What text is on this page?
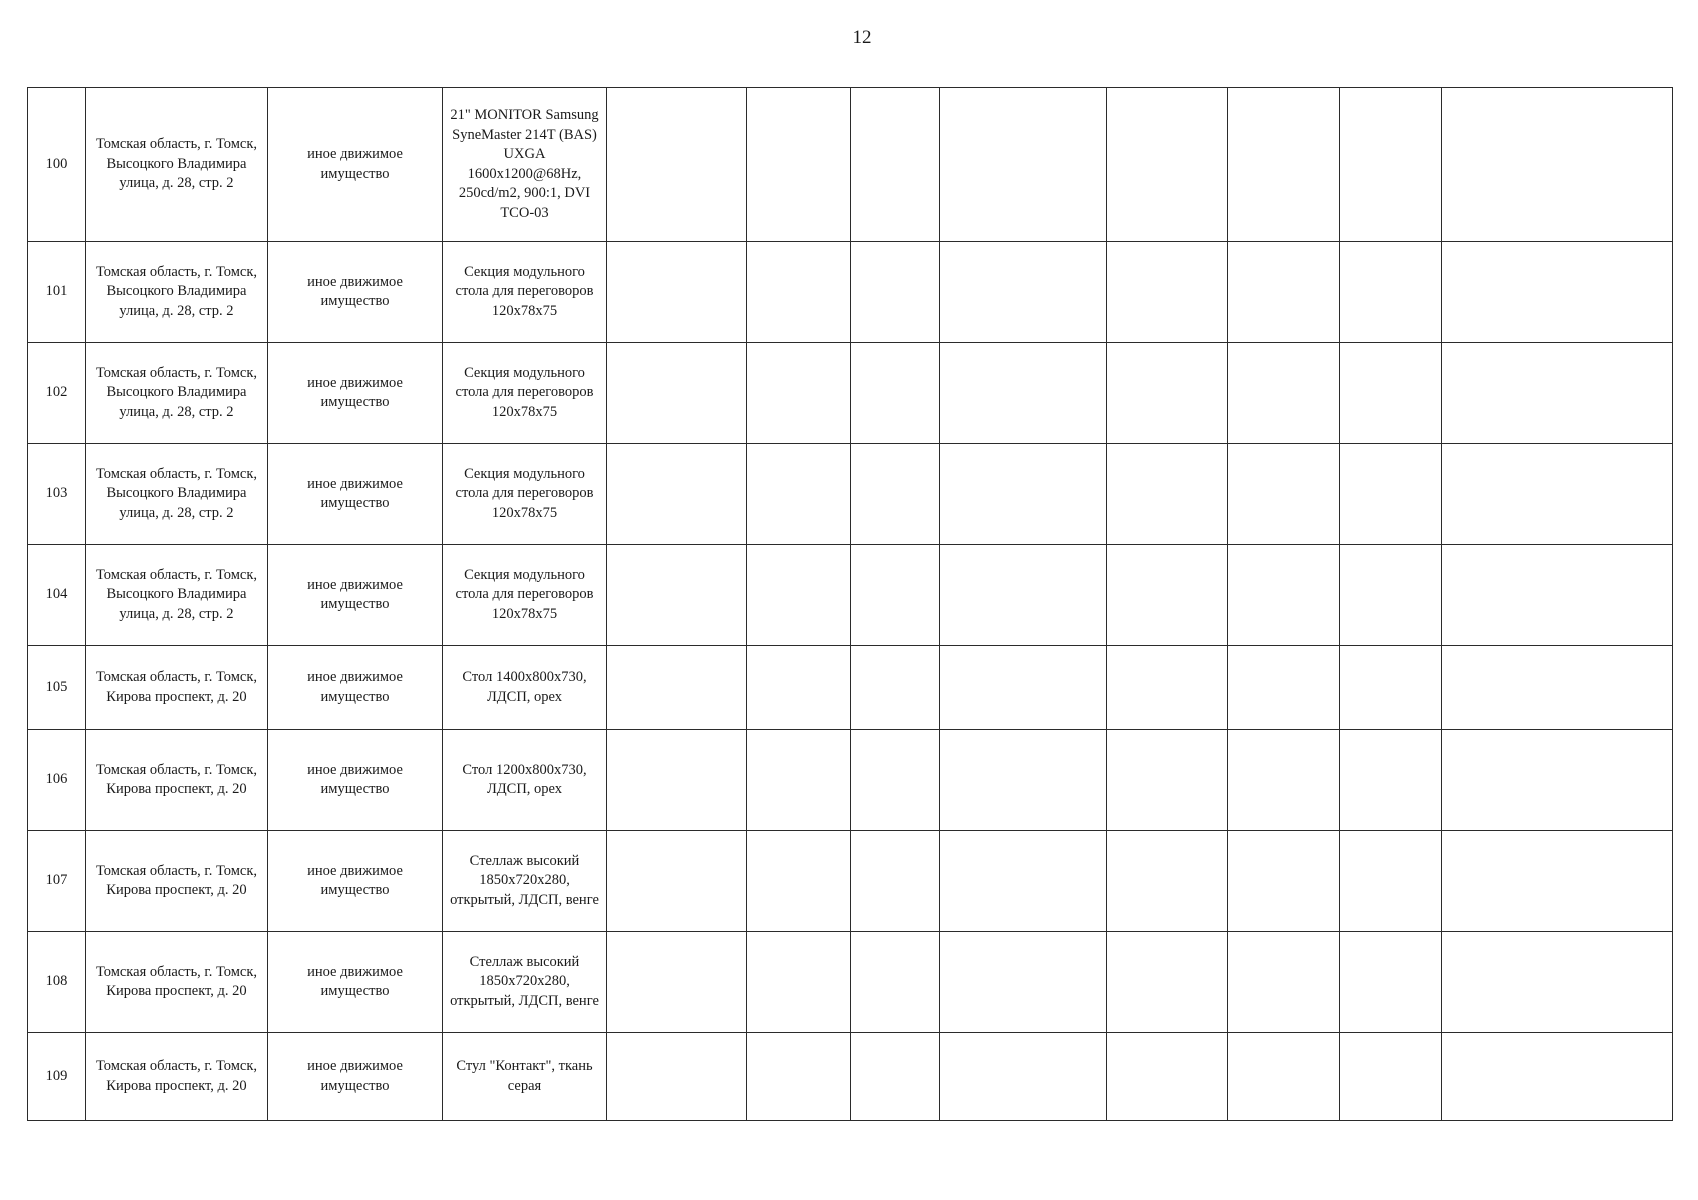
12
100	Томская область, г. Томск, Высоцкого Владимира улица, д. 28, стр. 2	иное движимое имущество	21" MONITOR Samsung SyneMaster 214T (BAS) UXGA 1600x1200@68Hz, 250cd/m2, 900:1, DVI TCO-03								
101	Томская область, г. Томск, Высоцкого Владимира улица, д. 28, стр. 2	иное движимое имущество	Секция модульного стола для переговоров 120х78х75								
102	Томская область, г. Томск, Высоцкого Владимира улица, д. 28, стр. 2	иное движимое имущество	Секция модульного стола для переговоров 120х78х75								
103	Томская область, г. Томск, Высоцкого Владимира улица, д. 28, стр. 2	иное движимое имущество	Секция модульного стола для переговоров 120х78х75								
104	Томская область, г. Томск, Высоцкого Владимира улица, д. 28, стр. 2	иное движимое имущество	Секция модульного стола для переговоров 120х78х75								
105	Томская область, г. Томск, Кирова проспект, д. 20	иное движимое имущество	Стол 1400х800х730, ЛДСП, орех								
106	Томская область, г. Томск, Кирова проспект, д. 20	иное движимое имущество	Стол 1200х800х730, ЛДСП, орех								
107	Томская область, г. Томск, Кирова проспект, д. 20	иное движимое имущество	Стеллаж высокий 1850х720х280, открытый, ЛДСП, венге								
108	Томская область, г. Томск, Кирова проспект, д. 20	иное движимое имущество	Стеллаж высокий 1850х720х280, открытый, ЛДСП, венге								
109	Томская область, г. Томск, Кирова проспект, д. 20	иное движимое имущество	Стул "Контакт", ткань серая								
